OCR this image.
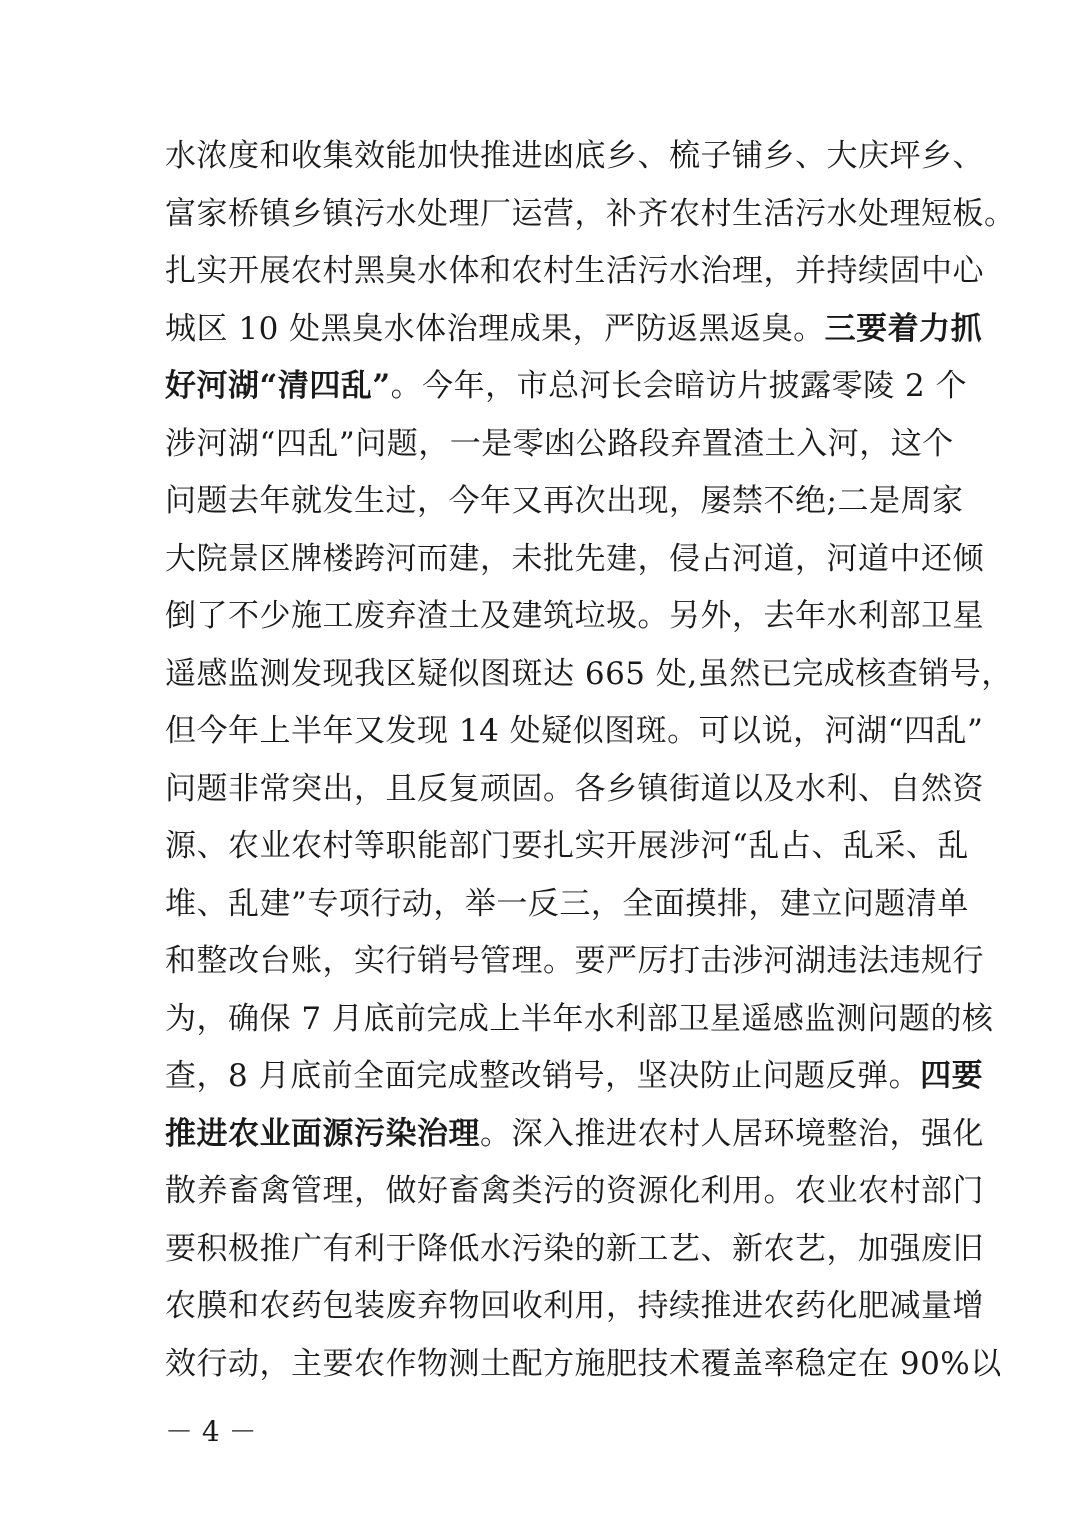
水浓度和收集效能加快推进凼底乡、梳子铺乡、大庆坪乡、
富家桥镇乡镇污水处理厂运营，补齐农村生活污水处理短板。
扎实开展农村黑臭水体和农村生活污水治理，并持续固中心
城区 10 处黑臭水体治理成果，严防返黑返臭。三要着力抓
好河湖“清四乱”。今年，市总河长会暗访片披露零陵 2 个
涉河湖“四乱”问题，一是零凼公路段弃置渣土入河，这个
问题去年就发生过，今年又再次出现，屡禁不绝;二是周家
大院景区牌楼跨河而建，未批先建，侵占河道，河道中还倾
倒了不少施工废弃渣土及建筑垃圾。另外，去年水利部卫星
遥感监测发现我区疑似图斑达 665 处,虽然已完成核查销号，
但今年上半年又发现 14 处疑似图斑。可以说，河湖“四乱”
问题非常突出，且反复顽固。各乡镇街道以及水利、自然资
源、农业农村等职能部门要扎实开展涉河“乱占、乱采、乱
堆、乱建”专项行动，举一反三，全面摸排，建立问题清单
和整改台账，实行销号管理。要严厉打击涉河湖违法违规行
为，确保 7 月底前完成上半年水利部卫星遥感监测问题的核
查，8 月底前全面完成整改销号，坚决防止问题反弹。四要
推进农业面源污染治理。深入推进农村人居环境整治，强化
散养畜禽管理，做好畜禽类污的资源化利用。农业农村部门
要积极推广有利于降低水污染的新工艺、新农艺，加强废旧
农膜和农药包装废弃物回收利用，持续推进农药化肥减量增
效行动，主要农作物测土配方施肥技术覆盖率稳定在 90%以
－ 4 －
